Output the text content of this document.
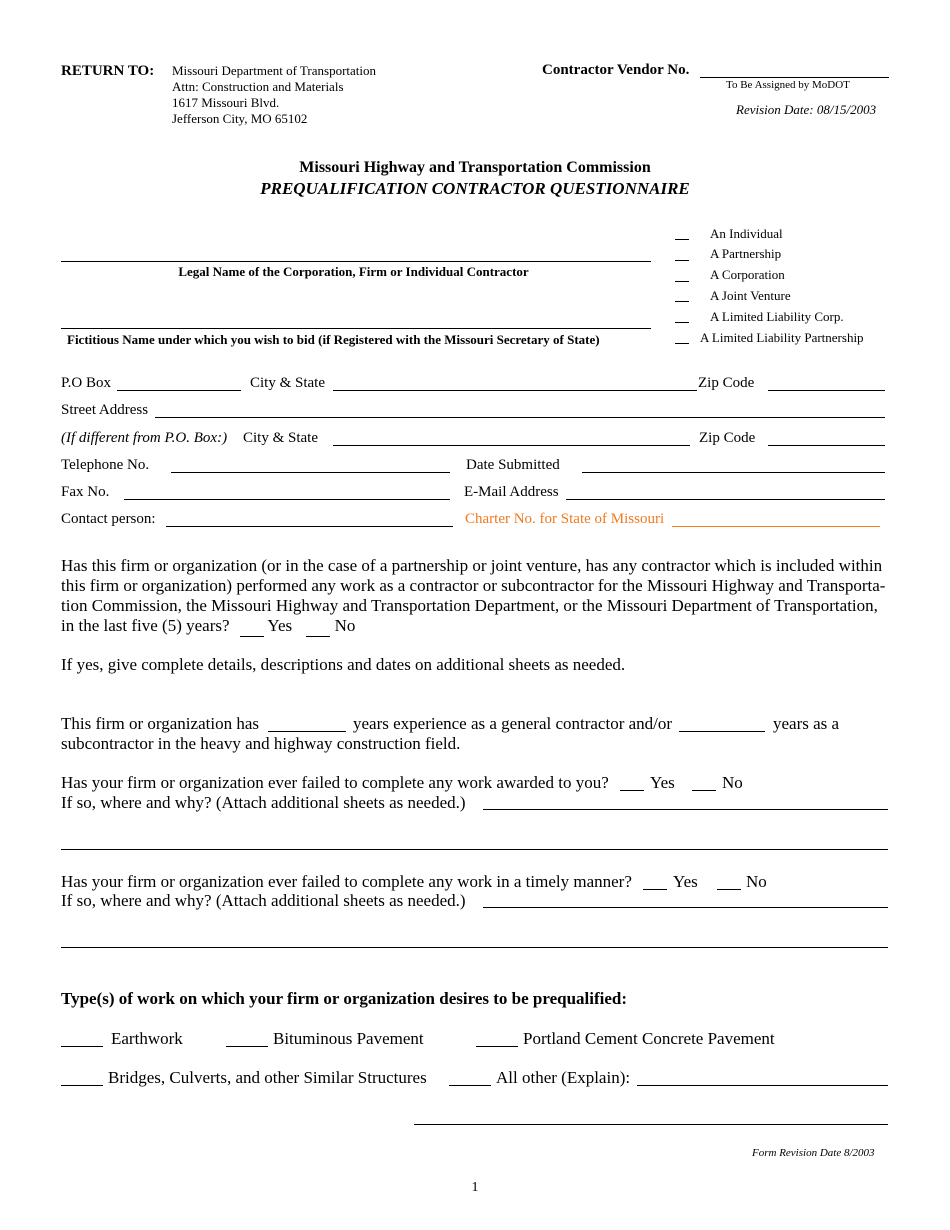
RETURN TO: Missouri Department of Transportation
Attn: Construction and Materials
1617 Missouri Blvd.
Jefferson City, MO 65102
Contractor Vendor No.
To Be Assigned by MoDOT
Revision Date: 08/15/2003
Missouri Highway and Transportation Commission
PREQUALIFICATION CONTRACTOR QUESTIONNAIRE
Legal Name of the Corporation, Firm or Individual Contractor
Fictitious Name under which you wish to bid (if Registered with the Missouri Secretary of State)
An Individual
A Partnership
A Corporation
A Joint Venture
A Limited Liability Corp.
A Limited Liability Partnership
P.O Box	City & State	Zip Code
Street Address
(If different from P.O. Box:) City & State	Zip Code
Telephone No.	Date Submitted
Fax No.	E-Mail Address
Contact person:	Charter No. for State of Missouri
Has this firm or organization (or in the case of a partnership or joint venture, has any contractor which is included within this firm or organization) performed any work as a contractor or subcontractor for the Missouri Highway and Transporta-tion Commission, the Missouri Highway and Transportation Department, or the Missouri Department of Transportation, in the last five (5) years? Yes	No
If yes, give complete details, descriptions and dates on additional sheets as needed.
This firm or organization has	years experience as a general contractor and/or	years as a
subcontractor in the heavy and highway construction field.
Has your firm or organization ever failed to complete any work awarded to you? Yes	No
If so, where and why? (Attach additional sheets as needed.)
Has your firm or organization ever failed to complete any work in a timely manner? Yes	No
If so, where and why? (Attach additional sheets as needed.)
Type(s) of work on which your firm or organization desires to be prequalified:
Earthwork	Bituminous Pavement	Portland Cement Concrete Pavement
Bridges, Culverts, and other Similar Structures	All other (Explain):
Form Revision Date 8/2003
1
